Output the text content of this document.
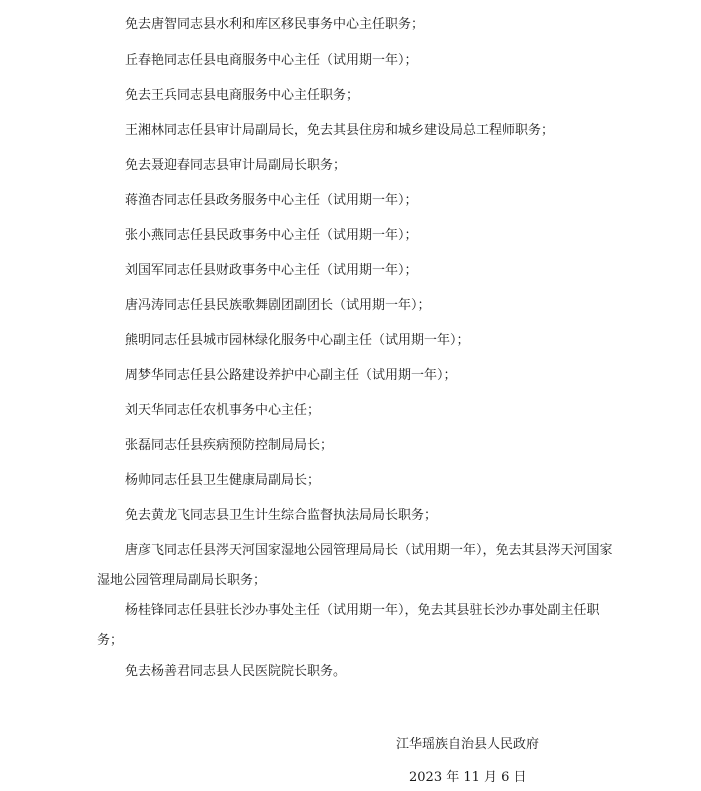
免去唐智同志县水利和库区移民事务中心主任职务；

丘春艳同志任县电商服务中心主任（试用期一年）；

免去王兵同志县电商服务中心主任职务；

王湘林同志任县审计局副局长，免去其县住房和城乡建设局总工程师职务；

免去聂迎春同志县审计局副局长职务；

蒋渔杏同志任县政务服务中心主任（试用期一年）；

张小燕同志任县民政事务中心主任（试用期一年）；

刘国军同志任县财政事务中心主任（试用期一年）；

唐冯涛同志任县民族歌舞剧团副团长（试用期一年）；

熊明同志任县城市园林绿化服务中心副主任（试用期一年）；

周梦华同志任县公路建设养护中心副主任（试用期一年）；

刘天华同志任农机事务中心主任；

张磊同志任县疾病预防控制局局长；

杨帅同志任县卫生健康局副局长；

免去黄龙飞同志县卫生计生综合监督执法局局长职务；

唐彦飞同志任县涔天河国家湿地公园管理局局长（试用期一年），免去其县涔天河国家湿地公园管理局副局长职务；

杨桂锋同志任县驻长沙办事处主任（试用期一年），免去其县驻长沙办事处副主任职务；

免去杨善君同志县人民医院院长职务。

江华瑶族自治县人民政府

2023 年 11 月 6 日
